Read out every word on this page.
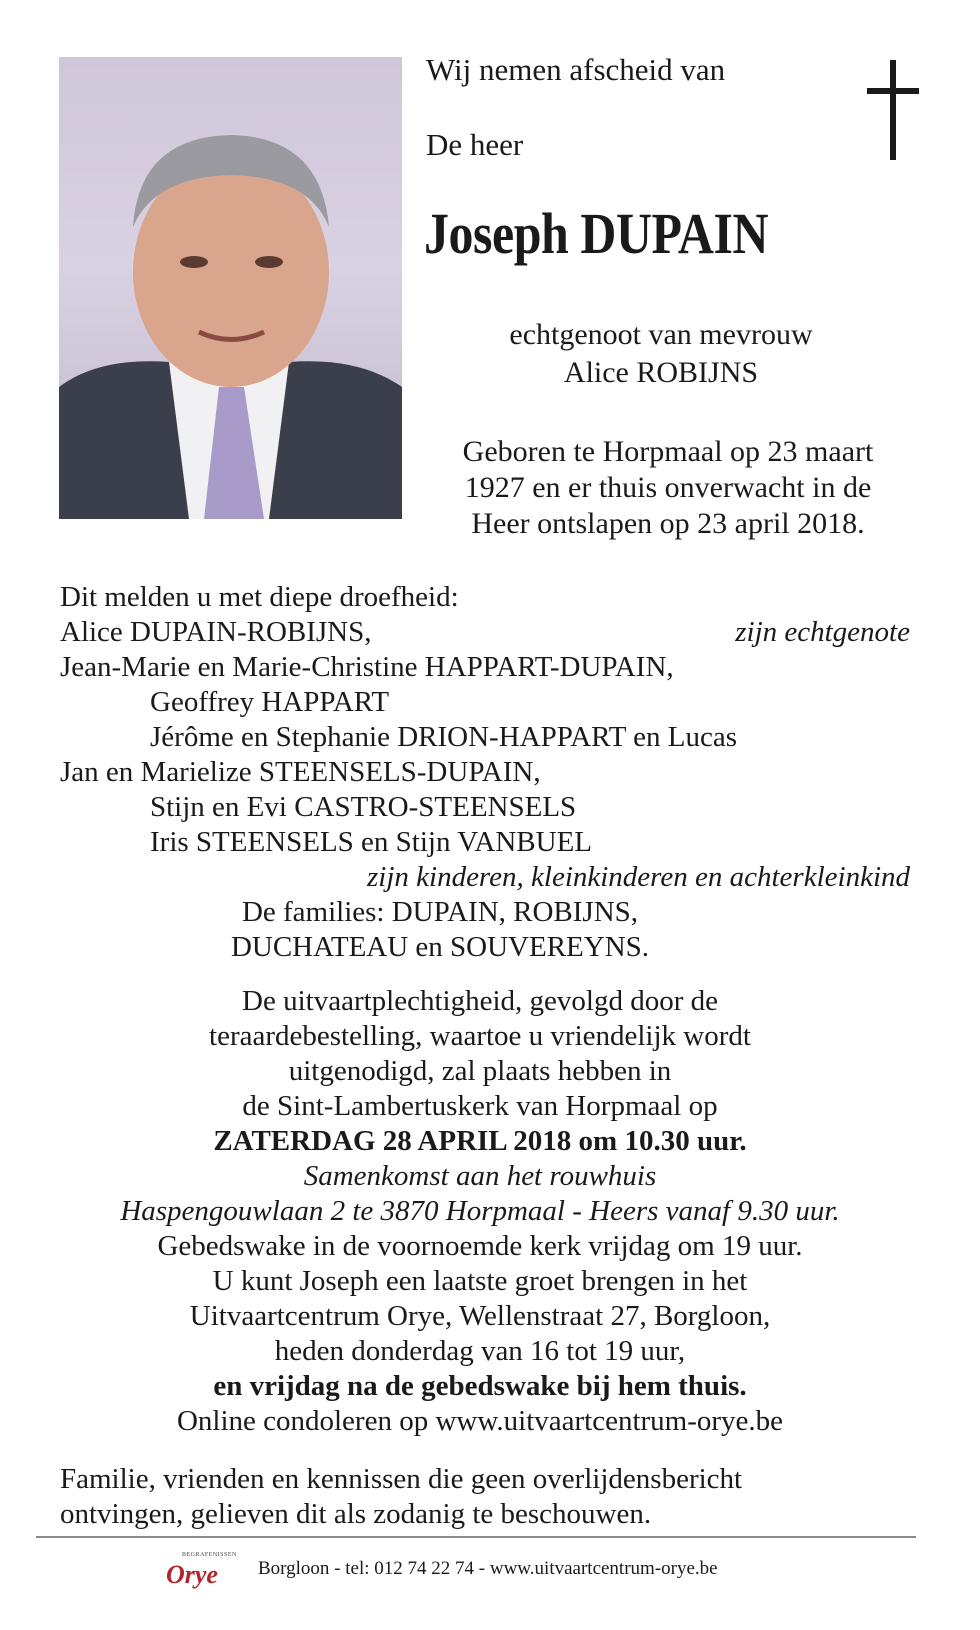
Wij nemen afscheid van
De heer
Joseph DUPAIN
echtgenoot van mevrouw
Alice ROBIJNS
Geboren te Horpmaal op 23 maart
1927 en er thuis onverwacht in de
Heer ontslapen op 23 april 2018.
Dit melden u met diepe droefheid:
Alice DUPAIN-ROBIJNS,	zijn echtgenote
Jean-Marie en Marie-Christine HAPPART-DUPAIN,
Geoffrey HAPPART
Jérôme en Stephanie DRION-HAPPART en Lucas
Jan en Marielize STEENSELS-DUPAIN,
Stijn en Evi CASTRO-STEENSELS
Iris STEENSELS en Stijn VANBUEL
zijn kinderen, kleinkinderen en achterkleinkind
De families: DUPAIN, ROBIJNS,
DUCHATEAU en SOUVEREYNS.
De uitvaartplechtigheid, gevolgd door de
teraardebestelling, waartoe u vriendelijk wordt
uitgenodigd, zal plaats hebben in
de Sint-Lambertuskerk van Horpmaal op
ZATERDAG 28 APRIL 2018 om 10.30 uur.
Samenkomst aan het rouwhuis
Haspengouwlaan 2 te 3870 Horpmaal - Heers vanaf 9.30 uur.
Gebedswake in de voornoemde kerk vrijdag om 19 uur.
U kunt Joseph een laatste groet brengen in het
Uitvaartcentrum Orye, Wellenstraat 27, Borgloon,
heden donderdag van 16 tot 19 uur,
en vrijdag na de gebedswake bij hem thuis.
Online condoleren op www.uitvaartcentrum-orye.be
Familie, vrienden en kennissen die geen overlijdensbericht
ontvingen, gelieven dit als zodanig te beschouwen.
BEGRAFENISSEN
Orye Borgloon - tel: 012 74 22 74 - www.uitvaartcentrum-orye.be
